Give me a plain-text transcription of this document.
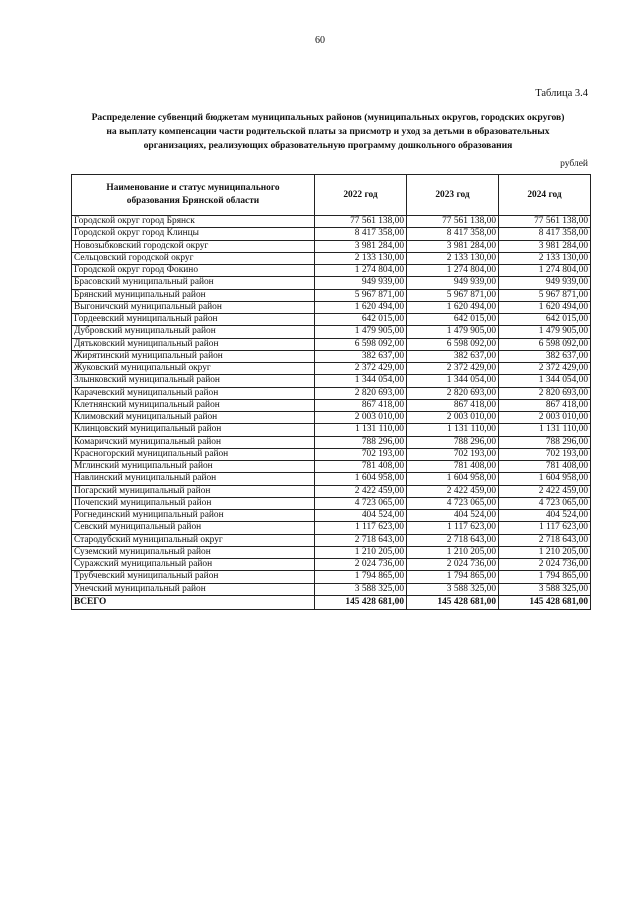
60
Таблица 3.4
Распределение субвенций бюджетам муниципальных районов (муниципальных округов, городских округов)
на выплату компенсации части родительской платы за присмотр и уход за детьми в образовательных
организациях, реализующих образовательную программу дошкольного образования
рублей
Наименование и статус муниципального образования Брянской области	2022 год	2023 год	2024 год
Городской округ город Брянск	77 561 138,00	77 561 138,00	77 561 138,00
Городской округ город Клинцы	8 417 358,00	8 417 358,00	8 417 358,00
Новозыбковский городской округ	3 981 284,00	3 981 284,00	3 981 284,00
Сельцовский городской округ	2 133 130,00	2 133 130,00	2 133 130,00
Городской округ город Фокино	1 274 804,00	1 274 804,00	1 274 804,00
Брасовский муниципальный район	949 939,00	949 939,00	949 939,00
Брянский муниципальный район	5 967 871,00	5 967 871,00	5 967 871,00
Выгоничский муниципальный район	1 620 494,00	1 620 494,00	1 620 494,00
Гордеевский муниципальный район	642 015,00	642 015,00	642 015,00
Дубровский муниципальный район	1 479 905,00	1 479 905,00	1 479 905,00
Дятьковский муниципальный район	6 598 092,00	6 598 092,00	6 598 092,00
Жирятинский муниципальный район	382 637,00	382 637,00	382 637,00
Жуковский муниципальный округ	2 372 429,00	2 372 429,00	2 372 429,00
Злынковский муниципальный район	1 344 054,00	1 344 054,00	1 344 054,00
Карачевский муниципальный район	2 820 693,00	2 820 693,00	2 820 693,00
Клетнянский муниципальный район	867 418,00	867 418,00	867 418,00
Климовский муниципальный район	2 003 010,00	2 003 010,00	2 003 010,00
Клинцовский муниципальный район	1 131 110,00	1 131 110,00	1 131 110,00
Комаричский муниципальный район	788 296,00	788 296,00	788 296,00
Красногорский муниципальный район	702 193,00	702 193,00	702 193,00
Мглинский муниципальный район	781 408,00	781 408,00	781 408,00
Навлинский муниципальный район	1 604 958,00	1 604 958,00	1 604 958,00
Погарский муниципальный район	2 422 459,00	2 422 459,00	2 422 459,00
Почепский муниципальный район	4 723 065,00	4 723 065,00	4 723 065,00
Рогнединский муниципальный район	404 524,00	404 524,00	404 524,00
Севский муниципальный район	1 117 623,00	1 117 623,00	1 117 623,00
Стародубский муниципальный округ	2 718 643,00	2 718 643,00	2 718 643,00
Суземский муниципальный район	1 210 205,00	1 210 205,00	1 210 205,00
Суражский муниципальный район	2 024 736,00	2 024 736,00	2 024 736,00
Трубчевский муниципальный район	1 794 865,00	1 794 865,00	1 794 865,00
Унечский муниципальный район	3 588 325,00	3 588 325,00	3 588 325,00
ВСЕГО	145 428 681,00	145 428 681,00	145 428 681,00
